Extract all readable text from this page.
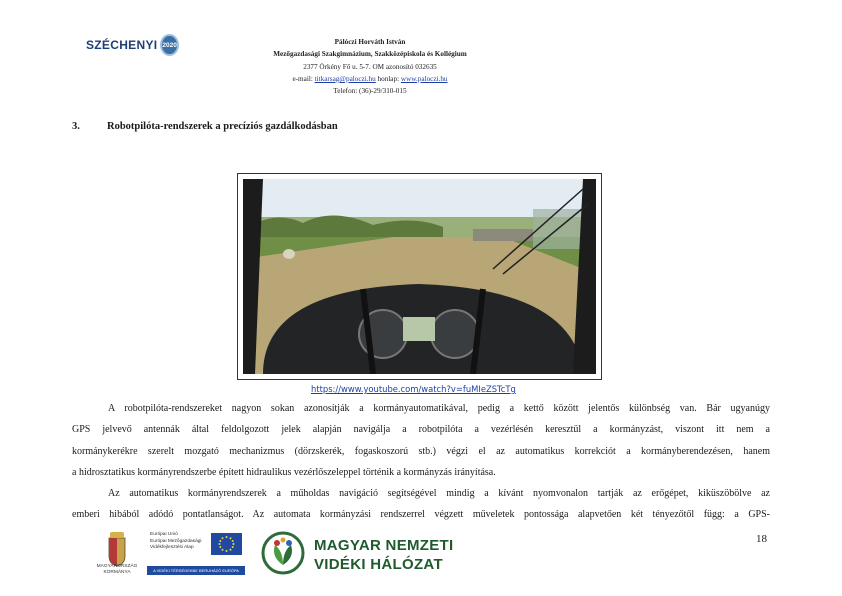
SZÉCHENYI 2020	Pálóczi Horváth István
Mezőgazdasági Szakgimnázium, Szakközépiskola és Kollégium
2377 Örkény Fő u. 5-7. OM azonosító 032635
e-mail: titkarsag@paloczi.hu honlap: www.paloczi.hu
Telefon: (36)-29/310-015
3.	Robotpilóta-rendszerek a precíziós gazdálkodásban
https://www.youtube.com/watch?v=fuMIeZSTcTg
A robotpilóta-rendszereket nagyon sokan azonosítják a kormányautomatikával, pedig a kettő között jelentős különbség van. Bár ugyanúgy
GPS jelvevő antennák által feldolgozott jelek alapján navigálja a robotpilóta a vezérlésén keresztül a kormányzást, viszont itt nem a
kormánykerékre szerelt mozgató mechanizmus (dörzskerék, fogaskoszorú stb.) végzi el az automatikus korrekciót a kormányberendezésen, hanem
a hidrosztatikus kormányrendszerbe épített hidraulikus vezérlőszeleppel történik a kormányzás irányítása.
Az automatikus kormányrendszerek a műholdas navigáció segítségével mindig a kívánt nyomvonalon tartják az erőgépet, kiküszöbölve az
emberi hibából adódó pontatlanságot. Az automata kormányzási rendszerrel végzett műveletek pontossága alapvetően két tényezőtől függ: a GPS-
18
MAGYARORSZÁG
KORMÁNYA
Európai Unió
Európai Mezőgazdasági
Vidékfejlesztési Alap
A VIDÉKI TÉRSÉGEKBE BERUHÁZÓ EURÓPA
MAGYAR NEMZETI
VIDÉKI HÁLÓZAT
